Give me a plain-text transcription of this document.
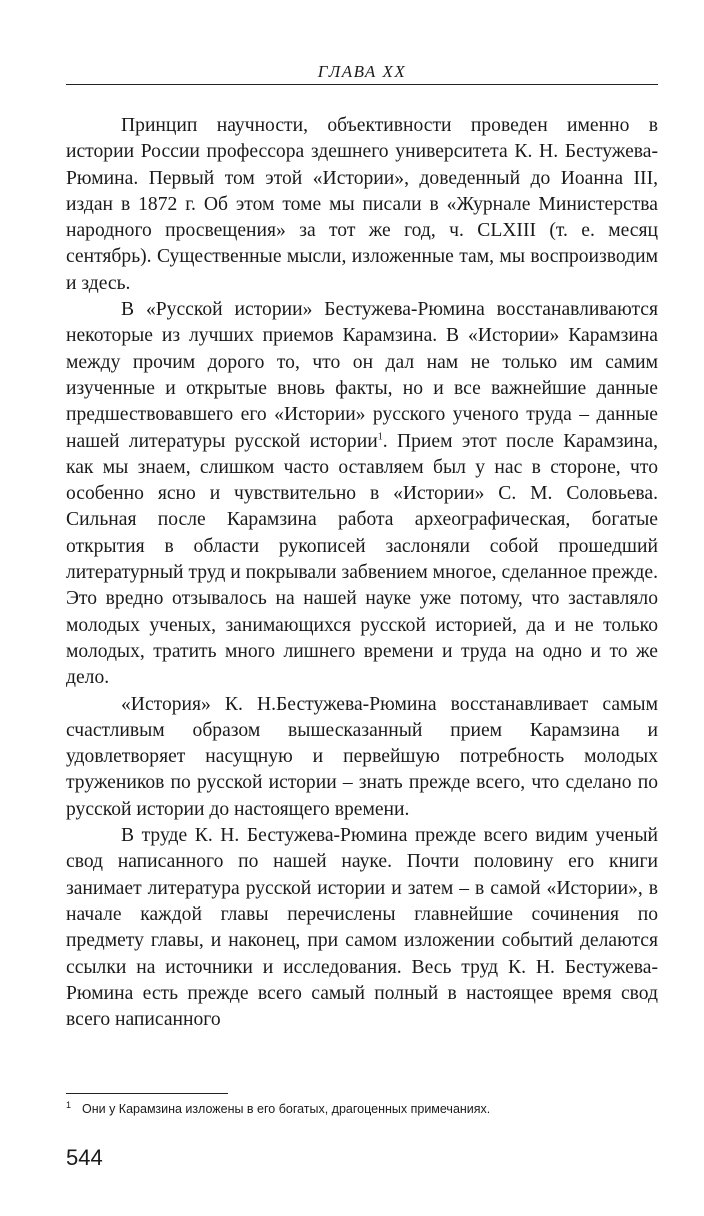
ГЛАВА XX

Принцип научности, объективности проведен именно в истории России профессора здешнего университета К. Н. Бестужева-Рюмина. Первый том этой «Истории», доведенный до Иоанна III, издан в 1872 г. Об этом томе мы писали в «Журнале Министерства народного просвещения» за тот же год, ч. CLXIII (т. е. месяц сентябрь). Существенные мысли, изложенные там, мы воспроизводим и здесь.

В «Русской истории» Бестужева-Рюмина восстанавливаются некоторые из лучших приемов Карамзина. В «Истории» Карамзина между прочим дорого то, что он дал нам не только им самим изученные и открытые вновь факты, но и все важнейшие данные предшествовавшего его «Истории» русского ученого труда – данные нашей литературы русской истории$^1$. Прием этот после Карамзина, как мы знаем, слишком часто оставляем был у нас в стороне, что особенно ясно и чувствительно в «Истории» С. М. Соловьева. Сильная после Карамзина работа археографическая, богатые открытия в области рукописей заслоняли собой прошедший литературный труд и покрывали забвением многое, сделанное прежде. Это вредно отзывалось на нашей науке уже потому, что заставляло молодых ученых, занимающихся русской историей, да и не только молодых, тратить много лишнего времени и труда на одно и то же дело.

«История» К. Н.Бестужева-Рюмина восстанавливает самым счастливым образом вышесказанный прием Карамзина и удовлетворяет насущную и первейшую потребность молодых тружеников по русской истории – знать прежде всего, что сделано по русской истории до настоящего времени.

В труде К. Н. Бестужева-Рюмина прежде всего видим ученый свод написанного по нашей науке. Почти половину его книги занимает литература русской истории и затем – в самой «Истории», в начале каждой главы перечислены главнейшие сочинения по предмету главы, и наконец, при самом изложении событий делаются ссылки на источники и исследования. Весь труд К. Н. Бестужева-Рюмина есть прежде всего самый полный в настоящее время свод всего написанного

1 Они у Карамзина изложены в его богатых, драгоценных примечаниях.
544
